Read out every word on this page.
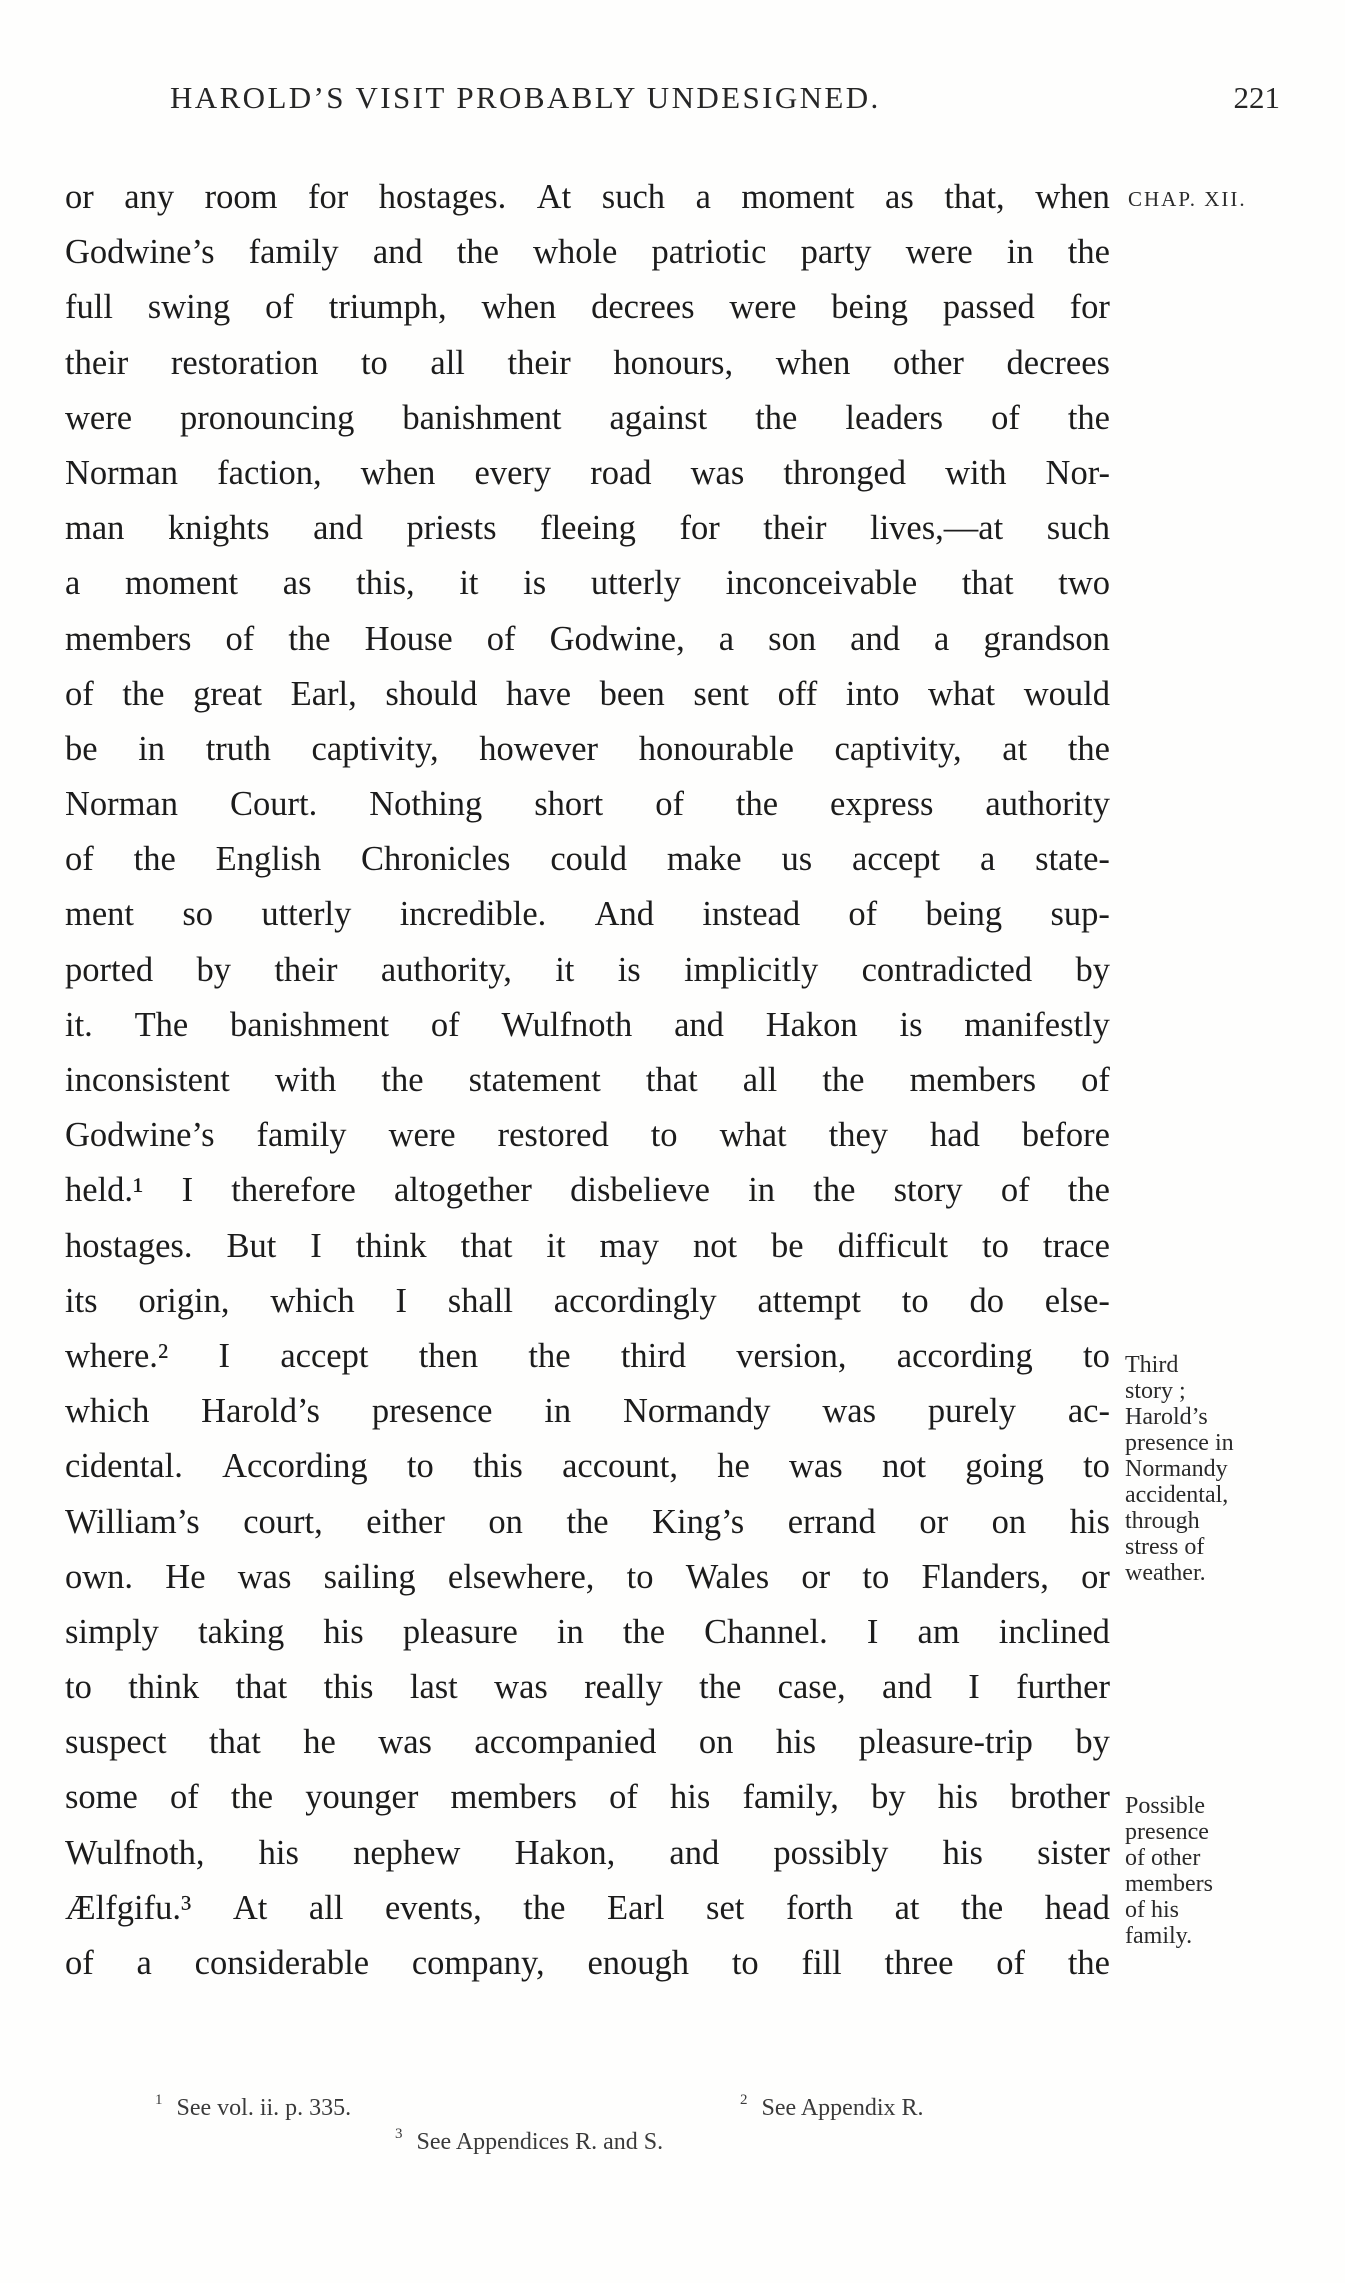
HAROLD’S VISIT PROBABLY UNDESIGNED.	221
CHAP. XII.
or any room for hostages. At such a moment as that, when
Godwine’s family and the whole patriotic party were in the
full swing of triumph, when decrees were being passed for
their restoration to all their honours, when other decrees
were pronouncing banishment against the leaders of the
Norman faction, when every road was thronged with Nor-
man knights and priests fleeing for their lives,—at such
a moment as this, it is utterly inconceivable that two
members of the House of Godwine, a son and a grandson
of the great Earl, should have been sent off into what would
be in truth captivity, however honourable captivity, at the
Norman Court. Nothing short of the express authority
of the English Chronicles could make us accept a state-
ment so utterly incredible. And instead of being sup-
ported by their authority, it is implicitly contradicted by
it. The banishment of Wulfnoth and Hakon is manifestly
inconsistent with the statement that all the members of
Godwine’s family were restored to what they had before
held.¹ I therefore altogether disbelieve in the story of the
hostages. But I think that it may not be difficult to trace
its origin, which I shall accordingly attempt to do else-
where.² I accept then the third version, according to
which Harold’s presence in Normandy was purely ac-
cidental. According to this account, he was not going to
William’s court, either on the King’s errand or on his
own. He was sailing elsewhere, to Wales or to Flanders, or
simply taking his pleasure in the Channel. I am inclined
to think that this last was really the case, and I further
suspect that he was accompanied on his pleasure-trip by
some of the younger members of his family, by his brother
Wulfnoth, his nephew Hakon, and possibly his sister
Ælfgifu.³ At all events, the Earl set forth at the head
of a considerable company, enough to fill three of the
Third
story ;
Harold’s
presence in
Normandy
accidental,
through
stress of
weather.
Possible
presence
of other
members
of his
family.
$^1$ See vol. ii. p. 335.	$^2$ See Appendix R.
$^3$ See Appendices R. and S.
